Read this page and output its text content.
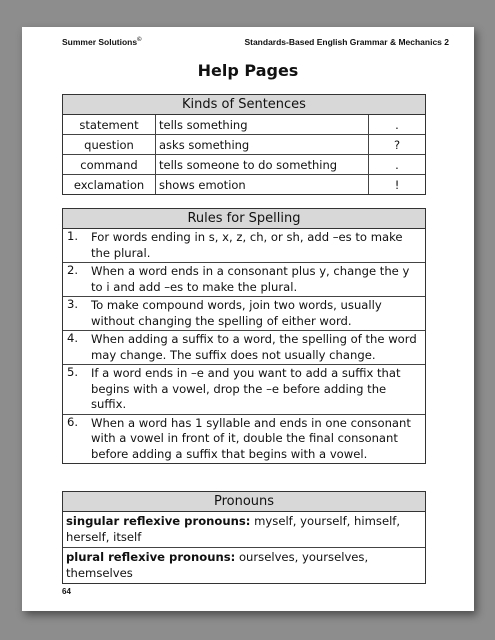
Summer Solutions©	Standards-Based English Grammar & Mechanics 2
Help Pages
Kinds of Sentences
statement	tells something	.
question	asks something	?
command	tells someone to do something	.
exclamation	shows emotion	!
Rules for Spelling
1.	For words ending in s, x, z, ch, or sh, add –es to make the plural.
2.	When a word ends in a consonant plus y, change the y to i and add –es to make the plural.
3.	To make compound words, join two words, usually without changing the spelling of either word.
4.	When adding a suffix to a word, the spelling of the word may change. The suffix does not usually change.
5.	If a word ends in –e and you want to add a suffix that begins with a vowel, drop the –e before adding the suffix.
6.	When a word has 1 syllable and ends in one consonant with a vowel in front of it, double the final consonant before adding a suffix that begins with a vowel.
Pronouns
singular reflexive pronouns: myself, yourself, himself, herself, itself
plural reflexive pronouns: ourselves, yourselves, themselves
64
